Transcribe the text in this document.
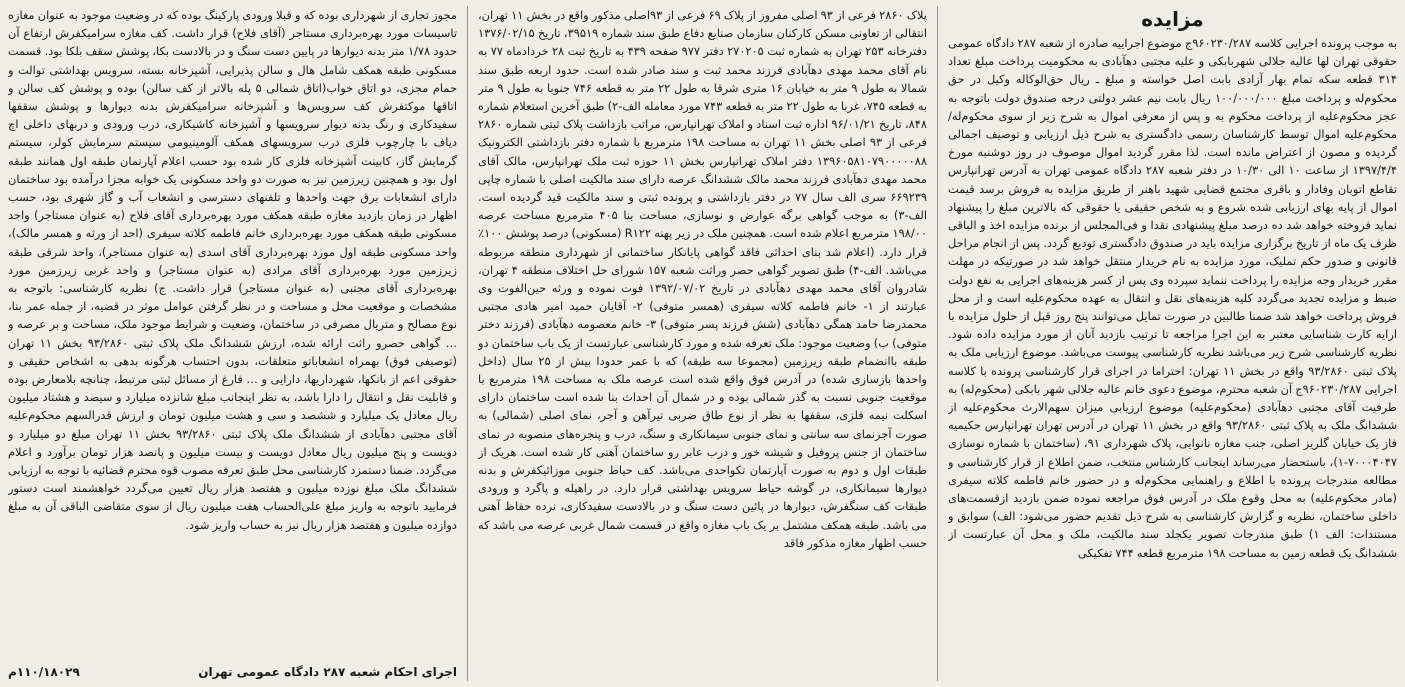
مزایده

به موجب پرونده اجرایی کلاسه ۹۶۰۲۳۰/۲۸۷ج موضوع اجراییه صادره از شعبه ۲۸۷ دادگاه عمومی حقوقی تهران لها عالیه جلالی شهربابکی و علیه مجتبی دهآبادی به محکومیت پرداخت مبلغ تعداد ۳۱۴ قطعه سکه تمام بهار آزادی بابت اصل خواسته و مبلغ ـ ریال حق‌الوکاله وکیل در حق محکوم‌له و پرداخت مبلغ ۱۰۰/۰۰۰/۰۰۰ ریال بابت نیم عشر دولتی درجه صندوق دولت باتوجه به عجز محکوم‌علیه از پرداخت محکوم به و پس از معرفی اموال به شرح زیر از سوی محکوم‌له/محکوم‌علیه اموال توسط کارشناسان رسمی دادگستری به شرح ذیل ارزیابی و توصیف اجمالی گردیده و مصون از اعتراض مانده است. لذا مقرر گردید اموال موصوف در روز دوشنبه مورخ ۱۳۹۷/۴/۴ از ساعت ۱۰ الی ۱۰/۳۰ در دفتر شعبه ۲۸۷ دادگاه عمومی تهران به آدرس تهرانپارس تقاطع اتوبان وفادار و باقری مجتمع قضایی شهید باهنر از طریق مزایده به فروش برسد قیمت اموال از پایه بهای ارزیابی شده شروع و به شخص حقیقی یا حقوقی که بالاترین مبلغ را پیشنهاد نماید فروخته خواهد شد ده درصد مبلغ پیشنهادی نقدا و فی‌المجلس از برنده مزایده اخذ و الباقی ظرف یک ماه از تاریخ برگزاری مزایده باید در صندوق دادگستری تودیع گردد. پس از انجام مراحل قانونی و صدور حکم تملیک، مورد مزایده به نام خریدار منتقل خواهد شد در صورتیکه در مهلت مقرر خریدار وجه مزایده را پرداخت ننماید سپرده وی پس از کسر هزینه‌های اجرایی به نفع دولت ضبط و مزایده تجدید می‌گردد کلیه هزینه‌های نقل و انتقال به عهده محکوم‌علیه است و از محل فروش پرداخت خواهد شد ضمنا طالبین در صورت تمایل می‌توانند پنج روز قبل از حلول مزایده با ارایه کارت شناسایی معتبر به این اجرا مراجعه تا ترتیب بازدید آنان از مورد مزایده داده شود. نظریه کارشناسی شرح زیر می‌باشد نظریه کارشناسی پیوست می‌باشد. موضوع ارزیابی ملک به پلاک ثبتی ۹۳/۲۸۶۰ واقع در بخش ۱۱ تهران: احتراما در اجرای قرار کارشناسی پرونده با کلاسه اجرایی ۹۶۰۲۳۰/۲۸۷ج آن شعبه محترم، موضوع دعوی خانم عالیه جلالی شهر بابکی (محکوم‌له) به طرفیت آقای مجتبی دهآبادی (محکوم‌علیه) موضوع ارزیابی میزان سهم‌الارث محکوم‌علیه از ششدانگ ملک به پلاک ثبتی ۹۳/۲۸۶۰ واقع در بخش ۱۱ تهران در آدرس تهران تهرانپارس حکیمیه فاز یک خیابان گلریز اصلی، جنب مغازه نانوایی، پلاک شهرداری ۹۱، (ساختمان با شماره نوسازی ۷۰۰۰۴۰۴۷-۱)، باستحضار می‌رساند اینجانب کارشناس منتخب، ضمن اطلاع از قرار کارشناسی و مطالعه مندرجات پرونده با اطلاع و راهنمایی محکوم‌له و در حضور خانم فاطمه کلاته سیفری (مادر محکوم‌علیه) به محل وقوع ملک در آدرس فوق مراجعه نموده ضمن بازدید ازقسمت‌های داخلی ساختمان، نظریه و گزارش کارشناسی به شرح ذیل تقدیم حضور می‌شود: الف) سوابق و مستندات: الف ۱) طبق مندرجات تصویر یکجلد سند مالکیت، ملک و محل آن عبارتست از ششدانگ یک قطعه زمین به مساحت ۱۹۸ مترمربع قطعه ۷۴۴ تفکیکی

پلاک ۲۸۶۰ فرعی از ۹۳ اصلی مفروز از پلاک ۶۹ فرعی از ۹۳اصلی مذکور واقع در بخش ۱۱ تهران، انتقالی از تعاونی مسکن کارکنان سازمان صنایع دفاع طبق سند شماره ۳۹۵۱۹، تاریخ ۱۳۷۶/۰۲/۱۵ دفترخانه ۲۵۳ تهران به شماره ثبت ۲۷۰۲۰۵ دفتر ۹۷۷ صفحه ۴۳۹ به تاریخ ثبت ۲۸ خردادماه ۷۷ به نام آقای محمد مهدی دهآبادی فرزند محمد ثبت و سند صادر شده است. حدود اربعه طبق سند شمالا به طول ۹ متر به خیابان ۱۶ متری شرقا به طول ۲۲ متر به قطعه ۷۴۶ جنوبا به طول ۹ متر به قطعه ۷۴۵، غربا به طول ۲۲ متر به قطعه ۷۴۳ مورد معامله الف-۲) طبق آخرین استعلام شماره ۸۴۸، تاریخ ۹۶/۰۱/۲۱ اداره ثبت اسناد و املاک تهرانپارس، مراتب بازداشت پلاک ثبتی شماره ۲۸۶۰ فرعی از ۹۳ اصلی بخش ۱۱ تهران به مساحت ۱۹۸ مترمربع با شماره دفتر بازداشتی الکترونیک ۱۳۹۶۰۵۸۱۰۷۹۰۰۰۰۰۸۸ دفتر املاک تهرانپارس بخش ۱۱ حوزه ثبت ملک تهرانپارس، مالک آقای محمد مهدی دهآبادی فرزند محمد مالک ششدانگ عرصه دارای سند مالکیت اصلی با شماره چاپی ۶۶۹۲۳۹ سری الف سال ۷۷ در دفتر بازداشتی و پرونده ثبتی و سند مالکیت قید گردیده است. الف-۳) به موجب گواهی برگه عوارض و نوسازی، مساحت بنا ۴۰۵ مترمربع مساحت عرصه ۱۹۸/۰۰ مترمربع اعلام شده است. همچنین ملک در زیر پهنه R۱۲۲ (مسکونی) درصد پوشش ۱۰۰٪ قرار دارد. (اعلام شد بنای احداثی فاقد گواهی پایانکار ساختمانی از شهرداری منطقه مربوطه می‌باشد. الف-۴) طبق تصویر گواهی حصر وراثت شعبه ۱۵۷ شورای حل اختلاف منطقه ۴ تهران، شادروان آقای محمد مهدی دهآبادی در تاریخ ۱۳۹۲/۰۷/۰۲ فوت نموده و ورثه حین‌الفوت وی عبارتند از ۱- خانم فاطمه کلاته سیفری (همسر متوفی) ۲- آقایان حمید امیر هادی مجتبی محمدرضا حامد همگی دهآبادی (شش فرزند پسر متوفی) ۳- خانم معصومه دهآبادی (فرزند دختر متوفی) ب) وضعیت موجود: ملک تعرفه شده و مورد کارشناسی عبارتست از یک باب ساختمان دو طبقه باانضمام طبقه زیرزمین (مجموعا سه طبقه) که با عمر حدودا بیش از ۲۵ سال (داخل واحدها بازسازی شده) در آدرس فوق واقع شده است عرصه ملک به مساحت ۱۹۸ مترمربع با موقعیت جنوبی نسبت به گذر شمالی بوده و در شمال آن احداث بنا شده است ساختمان دارای اسکلت نیمه فلزی، سقفها به نظر از نوع طاق ضربی تیرآهن و آجر، نمای اصلی (شمالی) به صورت آجرنمای سه سانتی و نمای جنوبی سیمانکاری و سنگ، درب و پنجره‌های منصوبه در نمای ساختمان از جنس پروفیل و شیشه خور و درب عابر رو ساختمان آهنی کار شده است. هریک از طبقات اول و دوم به صورت آپارتمان تکواحدی می‌باشد. کف حیاط جنوبی موزائیکفرش و بدنه دیوارها سیمانکاری، در گوشه حیاط سرویس بهداشتی قرار دارد. در راهپله و پاگرد و ورودی طبقات کف سنگفرش، دیوارها در پائین دست سنگ و در بالادست سفیدکاری، نرده حفاظ آهنی می باشد. طبقه همکف مشتمل بر یک باب مغازه واقع در قسمت شمال غربی عرصه می باشد که حسب اظهار مغازه مذکور فاقد

مجوز تجاری از شهرداری بوده که و قبلا ورودی پارکینگ بوده که در وضعیت موجود به عنوان مغازه تاسیسات مورد بهره‌برداری مستاجر (آقای فلاح) قرار داشت. کف مغازه سرامیکفرش ارتفاع آن حدود ۱/۷۸ متر بدنه دیوارها در پایین دست سنگ و در بالادست بکا، پوشش سقف بلکا بود. قسمت مسکونی طبقه همکف شامل هال و سالن پذیرایی، آشپزخانه بسته، سرویس بهداشتی توالت و حمام مجزی، دو اتاق خواب(اتاق شمالی ۵ پله بالاتر از کف سالن) بوده و پوشش کف سالن و اتاقها موکتفرش کف سرویس‌ها و آشپزخانه سرامیکفرش بدنه دیوارها و پوشش سقفها سفیدکاری و رنگ بدنه دیوار سرویسها و آشپزخانه کاشیکاری، درب ورودی و دربهای داخلی اچ دیاف با چارچوب فلزی درب سرویسهای همکف آلومینیومی سیستم سرمایش کولر، سیستم گرمایش گاز، کابینت آشپزخانه فلزی کار شده بود حسب اعلام آپارتمان طبقه اول همانند طبقه اول بود و همچنین زیرزمین نیز به صورت دو واحد مسکونی یک خوابه مجزا درآمده بود ساختمان دارای انشعابات برق جهت واحدها و تلفنهای دسترسی و انشعاب آب و گاز شهری بود، حسب اظهار در زمان بازدید مغازه طبقه همکف مورد بهره‌برداری آقای فلاح (به عنوان مستاجر) واحد مسکونی طبقه همکف مورد بهره‌برداری خانم فاطمه کلاته سیفری (احد از ورثه و همسر مالک)، واحد مسکونی طبقه اول مورد بهره‌برداری آقای اسدی (به عنوان مستاجر)، واحد شرقی طبقه زیرزمین مورد بهره‌برداری آقای مرادی (به عنوان مستاجر) و واحد غربی زیرزمین مورد بهره‌برداری آقای مجتبی (به عنوان مستاجر) قرار داشت. ج) نظریه کارشناسی: باتوجه به مشخصات و موقعیت محل و مساحت و در نظر گرفتن عوامل موثر در قضیه، از جمله عمر بنا، نوع مصالح و متریال مصرفی در ساختمان، وضعیت و شرایط موجود ملک، مساحت و بر عرصه و … گواهی حصرو راثت ارائه شده، ارزش ششدانگ ملک پلاک ثبتی ۹۳/۲۸۶۰ بخش ۱۱ تهران (توصیفی فوق) بهمراه انشعاباتو متعلقات، بدون احتساب هرگونه بدهی به اشخاص حقیقی و حقوقی اعم از بانکها، شهرداریها، دارایی و … فارغ از مسائل ثبتی مرتبط، چنانچه بلامعارض بوده و قابلیت نقل و انتقال را دارا باشد، به نظر اینجانب مبلغ شانزده میلیارد و سیصد و هشتاد میلیون ریال معادل یک میلیارد و ششصد و سی و هشت میلیون تومان و ارزش قدرالسهم محکوم‌علیه آقای مجتبی دهآبادی از ششدانگ ملک پلاک ثبتی ۹۳/۲۸۶۰ بخش ۱۱ تهران مبلغ دو میلیارد و دویست و پنج میلیون ریال معادل دویست و بیست میلیون و پانصد هزار تومان برآورد و اعلام می‌گردد. ضمنا دستمزد کارشناسی محل طبق تعرفه مصوب قوه محترم قضائیه با توجه به ارزیابی ششدانگ ملک مبلغ نوزده میلیون و هفتصد هزار ریال تعیین می‌گردد خواهشمند است دستور فرمایید باتوجه به واریز مبلغ علی‌الحساب هفت میلیون ریال از سوی متقاضی الباقی آن به مبلغ دوازده میلیون و هفتصد هزار ریال نیز به حساب واریز شود.

اجرای احکام شعبه ۲۸۷ دادگاه عمومی تهران
۱۱۰/۱۸۰۲۹م
